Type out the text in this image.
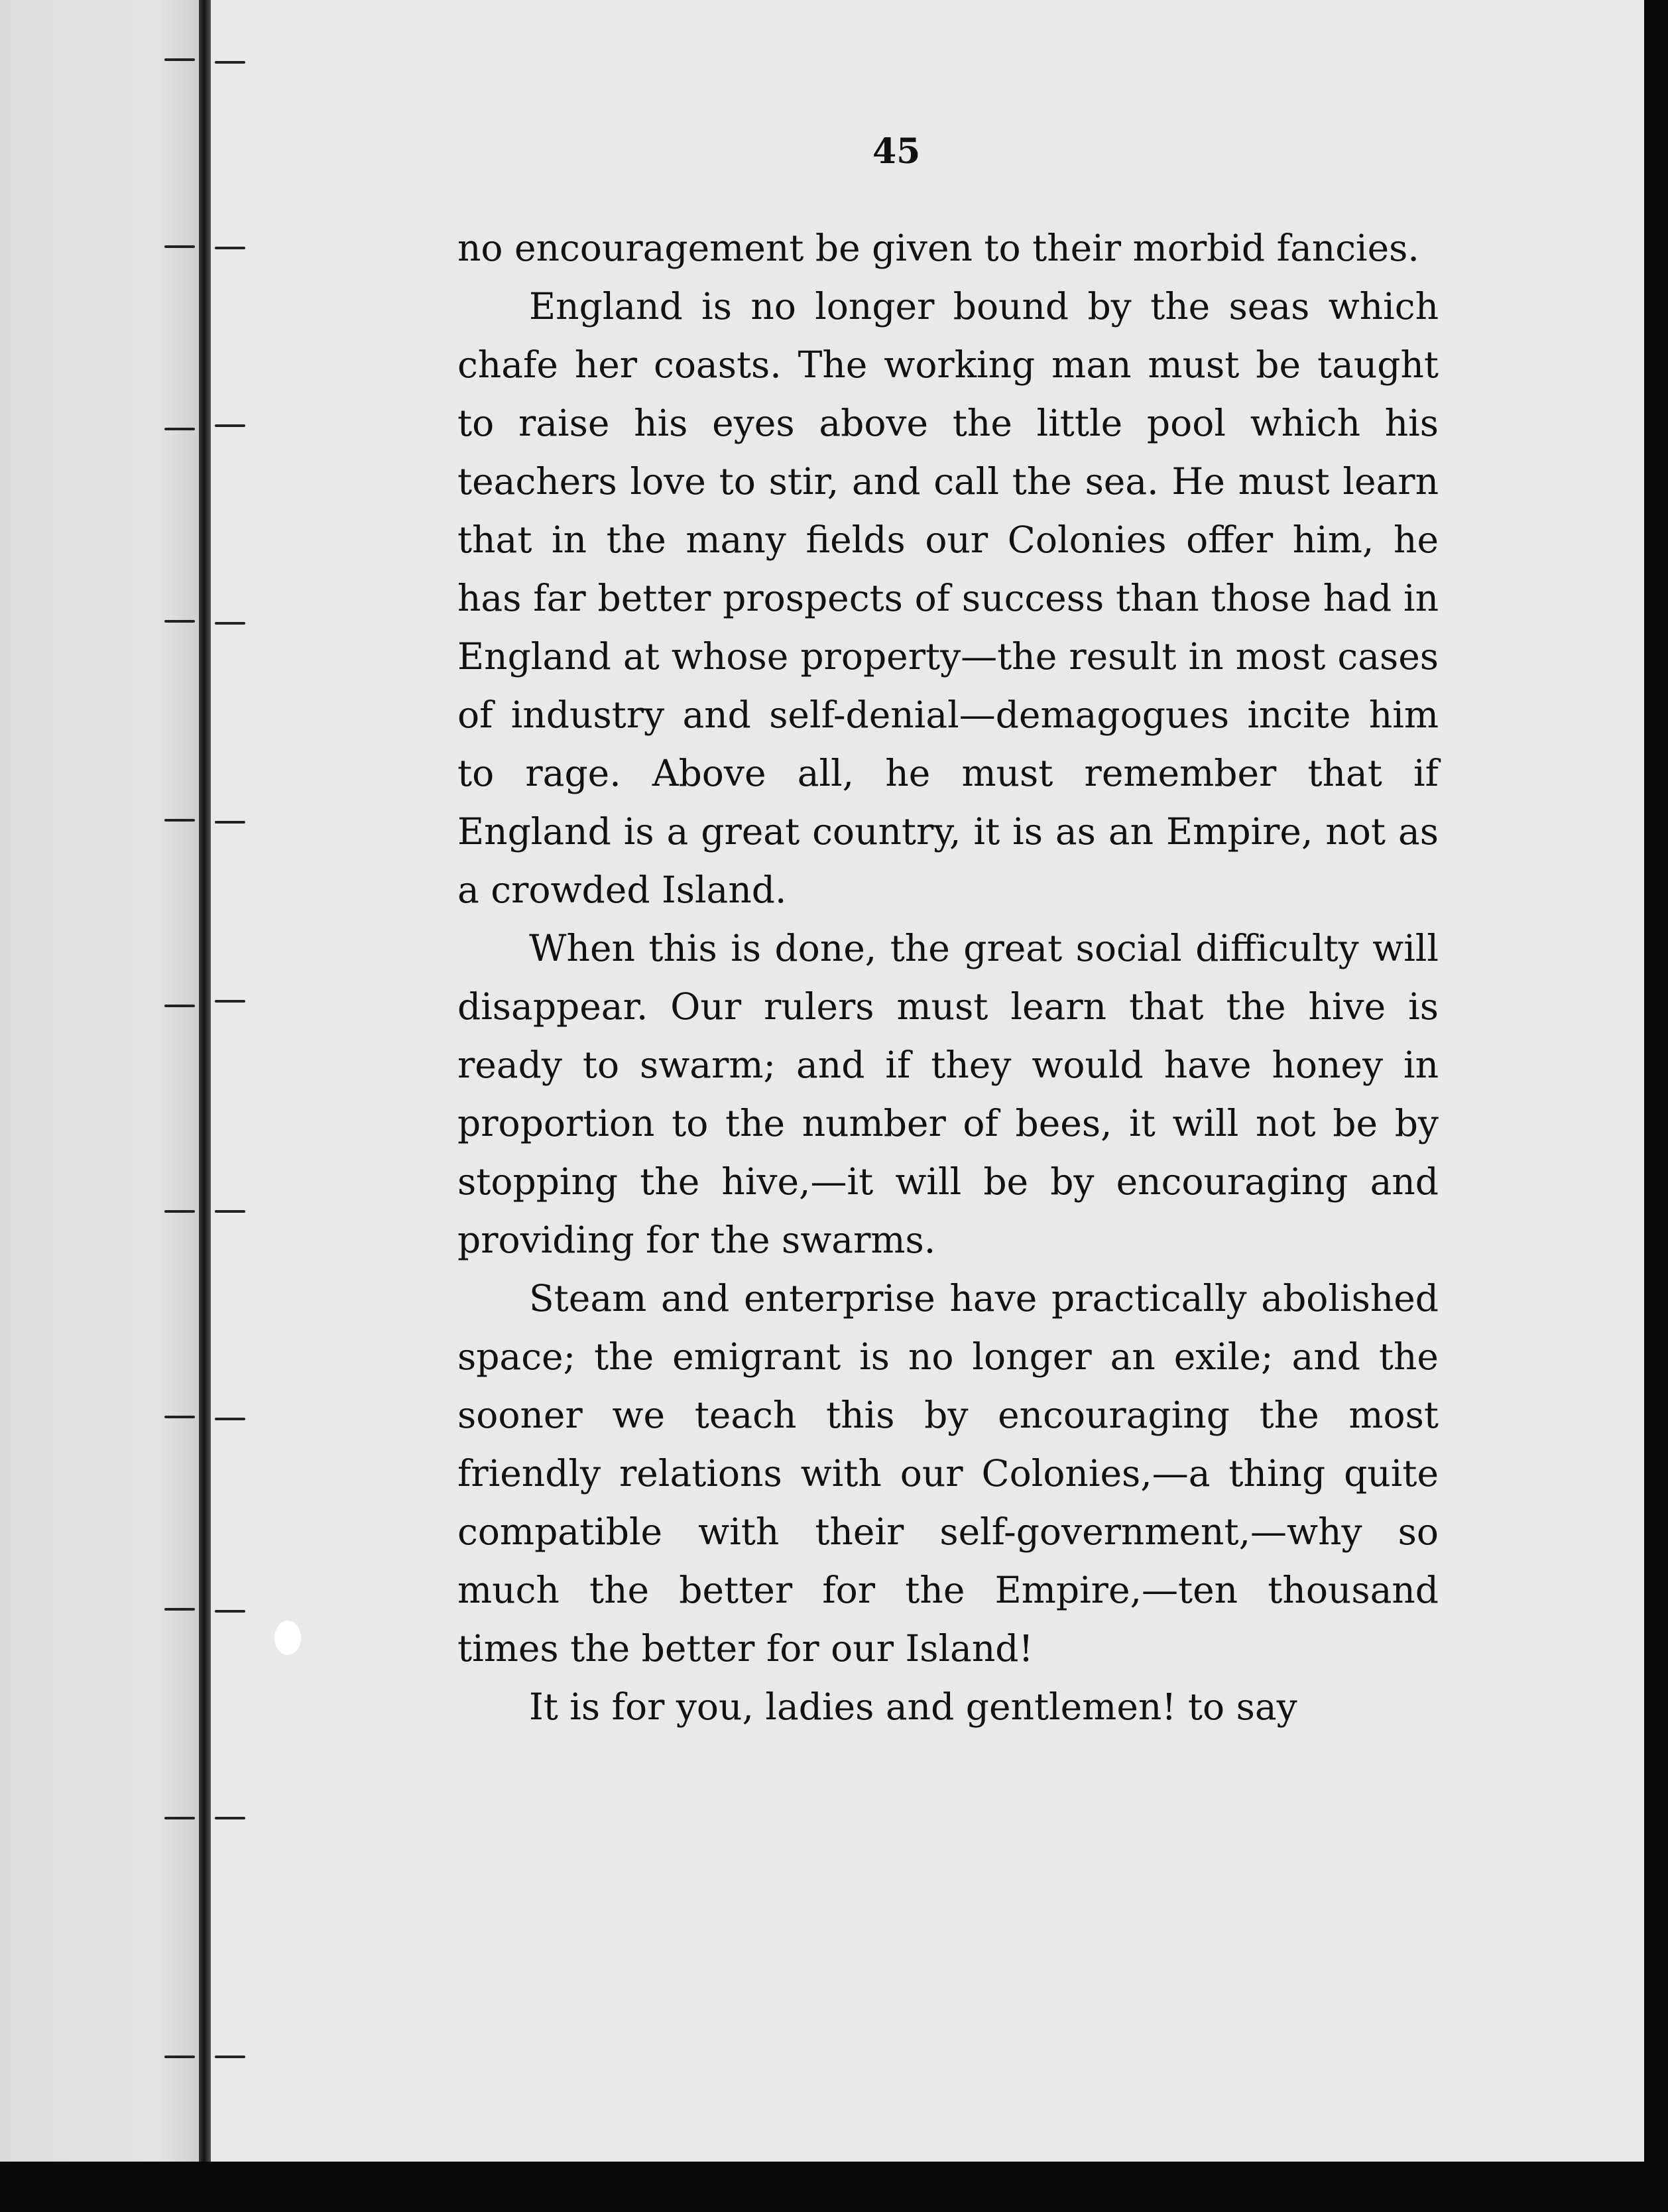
45

no encouragement be given to their morbid fancies.

England is no longer bound by the seas which chafe her coasts. The working man must be taught to raise his eyes above the little pool which his teachers love to stir, and call the sea. He must learn that in the many fields our Colonies offer him, he has far better prospects of success than those had in England at whose property—the result in most cases of industry and self-denial—demagogues incite him to rage. Above all, he must remember that if England is a great country, it is as an Empire, not as a crowded Island.

When this is done, the great social difficulty will disappear. Our rulers must learn that the hive is ready to swarm; and if they would have honey in proportion to the number of bees, it will not be by stopping the hive,—it will be by encouraging and providing for the swarms.

Steam and enterprise have practically abolished space; the emigrant is no longer an exile; and the sooner we teach this by encouraging the most friendly relations with our Colonies,—a thing quite compatible with their self-government,—why so much the better for the Empire,—ten thousand times the better for our Island!

It is for you, ladies and gentlemen! to say
